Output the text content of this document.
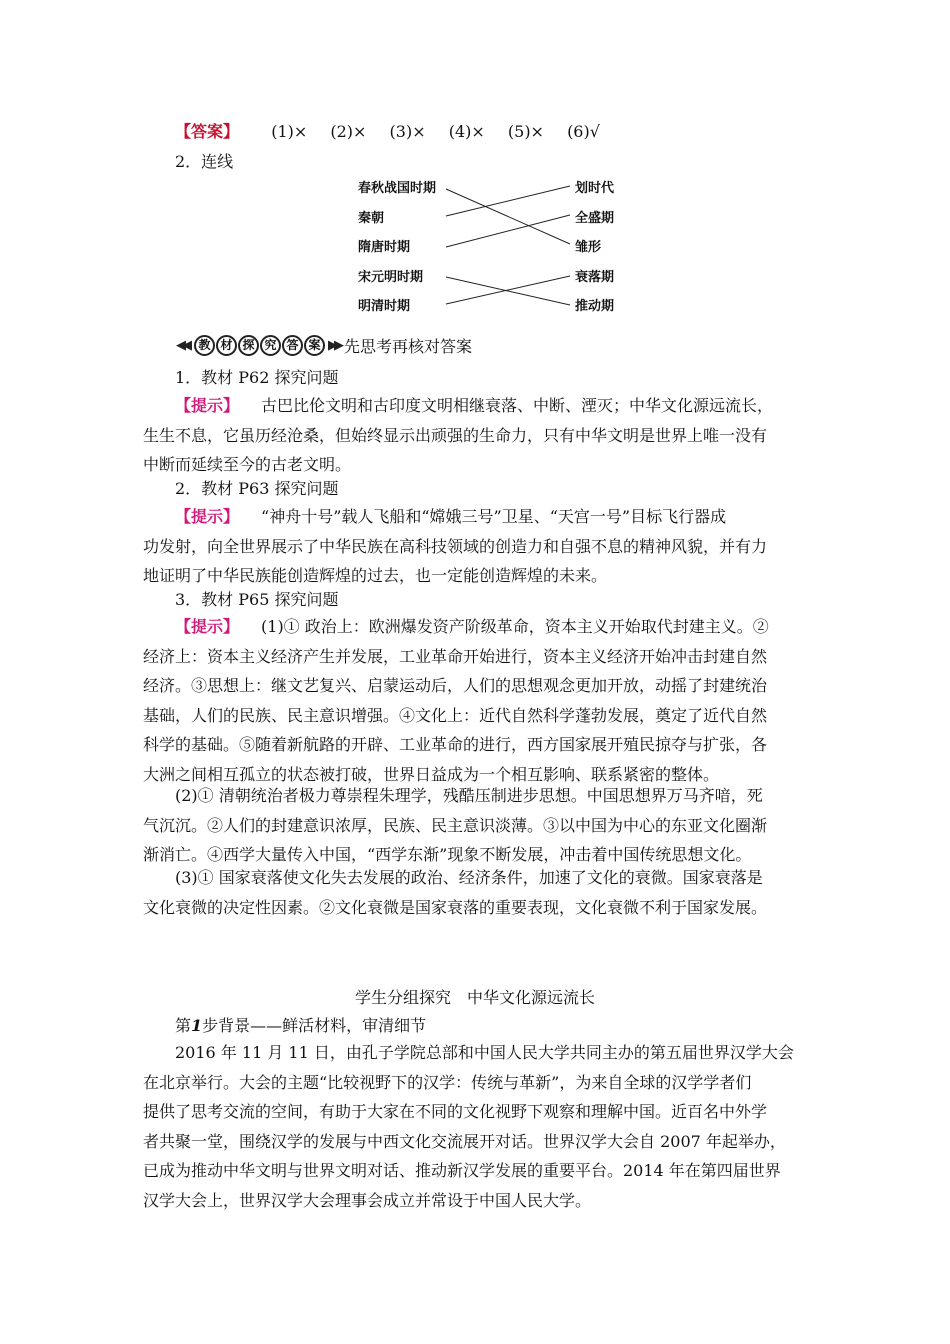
【答案】 (1)× (2)× (3)× (4)× (5)× (6)√
2．连线
春秋战国时期
秦朝
隋唐时期
宋元明时期
明清时期
划时代
全盛期
雏形
衰落期
推动期
◀◀ 教 材 探 究 答 案 ▶▶ 先思考再核对答案
1．教材 P62 探究问题
【提示】 古巴比伦文明和古印度文明相继衰落、中断、湮灭；中华文化源远流长，
生生不息，它虽历经沧桑，但始终显示出顽强的生命力，只有中华文明是世界上唯一没有
中断而延续至今的古老文明。
2．教材 P63 探究问题
【提示】 “神舟十号”载人飞船和“嫦娥三号”卫星、“天宫一号”目标飞行器成
功发射，向全世界展示了中华民族在高科技领域的创造力和自强不息的精神风貌，并有力
地证明了中华民族能创造辉煌的过去，也一定能创造辉煌的未来。
3．教材 P65 探究问题
【提示】 (1)① 政治上：欧洲爆发资产阶级革命，资本主义开始取代封建主义。②
经济上：资本主义经济产生并发展，工业革命开始进行，资本主义经济开始冲击封建自然
经济。③思想上：继文艺复兴、启蒙运动后，人们的思想观念更加开放，动摇了封建统治
基础，人们的民族、民主意识增强。④文化上：近代自然科学蓬勃发展，奠定了近代自然
科学的基础。⑤随着新航路的开辟、工业革命的进行，西方国家展开殖民掠夺与扩张，各
大洲之间相互孤立的状态被打破，世界日益成为一个相互影响、联系紧密的整体。
(2)① 清朝统治者极力尊崇程朱理学，残酷压制进步思想。中国思想界万马齐喑，死
气沉沉。②人们的封建意识浓厚，民族、民主意识淡薄。③以中国为中心的东亚文化圈渐
渐消亡。④西学大量传入中国，“西学东渐”现象不断发展，冲击着中国传统思想文化。
(3)① 国家衰落使文化失去发展的政治、经济条件，加速了文化的衰微。国家衰落是
文化衰微的决定性因素。②文化衰微是国家衰落的重要表现，文化衰微不利于国家发展。
学生分组探究　中华文化源远流长
第1步背景——鲜活材料，审清细节
2016 年 11 月 11 日，由孔子学院总部和中国人民大学共同主办的第五届世界汉学大会
在北京举行。大会的主题“比较视野下的汉学：传统与革新”，为来自全球的汉学学者们
提供了思考交流的空间，有助于大家在不同的文化视野下观察和理解中国。近百名中外学
者共聚一堂，围绕汉学的发展与中西文化交流展开对话。世界汉学大会自 2007 年起举办，
已成为推动中华文明与世界文明对话、推动新汉学发展的重要平台。2014 年在第四届世界
汉学大会上，世界汉学大会理事会成立并常设于中国人民大学。
